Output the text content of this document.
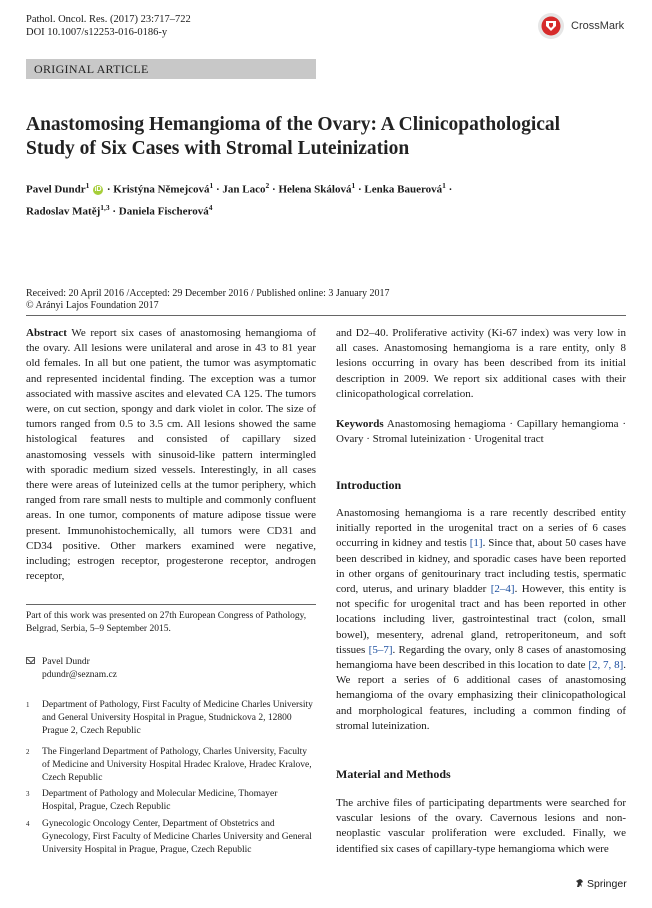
Pathol. Oncol. Res. (2017) 23:717–722
DOI 10.1007/s12253-016-0186-y
CrossMark
ORIGINAL ARTICLE
Anastomosing Hemangioma of the Ovary: A Clinicopathological
Study of Six Cases with Stromal Luteinization
Pavel Dundr$^1$ iD · Kristýna Němejcová$^1$ · Jan Laco$^2$ · Helena Skálová$^1$ · Lenka Bauerová$^1$ ·
Radoslav Matěj$^{1,3}$ · Daniela Fischerová$^4$
Received: 20 April 2016 /Accepted: 29 December 2016 / Published online: 3 January 2017
© Arányi Lajos Foundation 2017
Abstract We report six cases of anastomosing hemangioma of the ovary. All lesions were unilateral and arose in 43 to 81 year old females. In all but one patient, the tumor was asymptomatic and represented incidental finding. The exception was a tumor associated with massive ascites and elevated CA 125. The tumors were, on cut section, spongy and dark violet in color. The size of tumors ranged from 0.5 to 3.5 cm. All lesions showed the same histological features and consisted of capillary sized anastomosing vessels with sinusoid-like pattern intermingled with sporadic medium sized vessels. Interestingly, in all cases there were areas of luteinized cells at the tumor periphery, which ranged from rare small nests to multiple and commonly confluent areas. In one tumor, components of mature adipose tissue were present. Immunohistochemically, all tumors were CD31 and CD34 positive. Other markers examined were negative, including; estrogen receptor, progesterone receptor, androgen receptor,
and D2–40. Proliferative activity (Ki-67 index) was very low in all cases. Anastomosing hemangioma is a rare entity, only 8 lesions occurring in ovary has been described from its initial description in 2009. We report six additional cases with their clinicopathological correlation.
Keywords Anastomosing hemagioma · Capillary hemangioma · Ovary · Stromal luteinization · Urogenital tract
Introduction
Anastomosing hemangioma is a rare recently described entity initially reported in the urogenital tract on a series of 6 cases occurring in kidney and testis [1]. Since that, about 50 cases have been described in kidney, and sporadic cases have been reported in other organs of genitourinary tract including testis, spermatic cord, uterus, and urinary bladder [2–4]. However, this entity is not specific for urogenital tract and has been reported in other locations including liver, gastrointestinal tract (colon, small bowel), mesentery, adrenal gland, retroperitoneum, and soft tissues [5–7]. Regarding the ovary, only 8 cases of anastomosing hemangioma have been described in this location to date [2, 7, 8]. We report a series of 6 additional cases of anastomosing hemangioma of the ovary emphasizing their clinicopathological and morphological features, including a common finding of stromal luteinization.
Material and Methods
The archive files of participating departments were searched for vascular lesions of the ovary. Cavernous lesions and non-neoplastic vascular proliferation were excluded. Finally, we identified six cases of capillary-type hemangioma which were
Part of this work was presented on 27th European Congress of Pathology, Belgrad, Serbia, 5–9 September 2015.
Pavel Dundr
pdundr@seznam.cz
1 Department of Pathology, First Faculty of Medicine Charles University and General University Hospital in Prague, Studnickova 2, 12800 Prague 2, Czech Republic
2 The Fingerland Department of Pathology, Charles University, Faculty of Medicine and University Hospital Hradec Kralove, Hradec Kralove, Czech Republic
3 Department of Pathology and Molecular Medicine, Thomayer Hospital, Prague, Czech Republic
4 Gynecologic Oncology Center, Department of Obstetrics and Gynecology, First Faculty of Medicine Charles University and General University Hospital in Prague, Prague, Czech Republic
Springer
